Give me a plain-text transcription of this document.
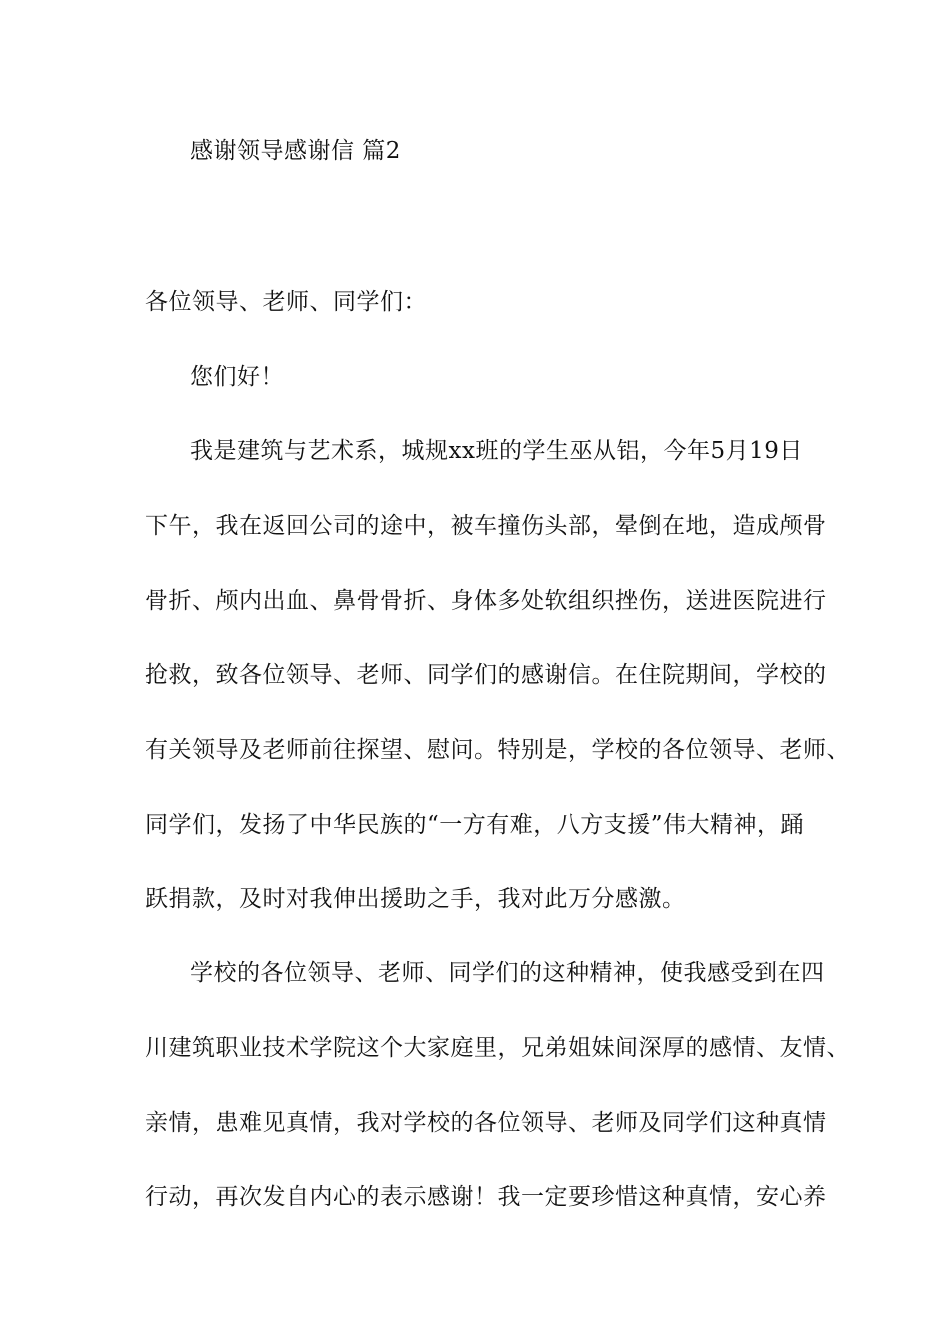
感谢领导感谢信 篇2
各位领导、老师、同学们：
您们好！
我是建筑与艺术系，城规xx班的学生巫从铝，今年5月19日
下午，我在返回公司的途中，被车撞伤头部，晕倒在地，造成颅骨
骨折、颅内出血、鼻骨骨折、身体多处软组织挫伤，送进医院进行
抢救，致各位领导、老师、同学们的感谢信。在住院期间，学校的
有关领导及老师前往探望、慰问。特别是，学校的各位领导、老师、
同学们，发扬了中华民族的“一方有难，八方支援”伟大精神，踊
跃捐款，及时对我伸出援助之手，我对此万分感激。
学校的各位领导、老师、同学们的这种精神，使我感受到在四
川建筑职业技术学院这个大家庭里，兄弟姐妹间深厚的感情、友情、
亲情，患难见真情，我对学校的各位领导、老师及同学们这种真情
行动，再次发自内心的表示感谢！我一定要珍惜这种真情，安心养
